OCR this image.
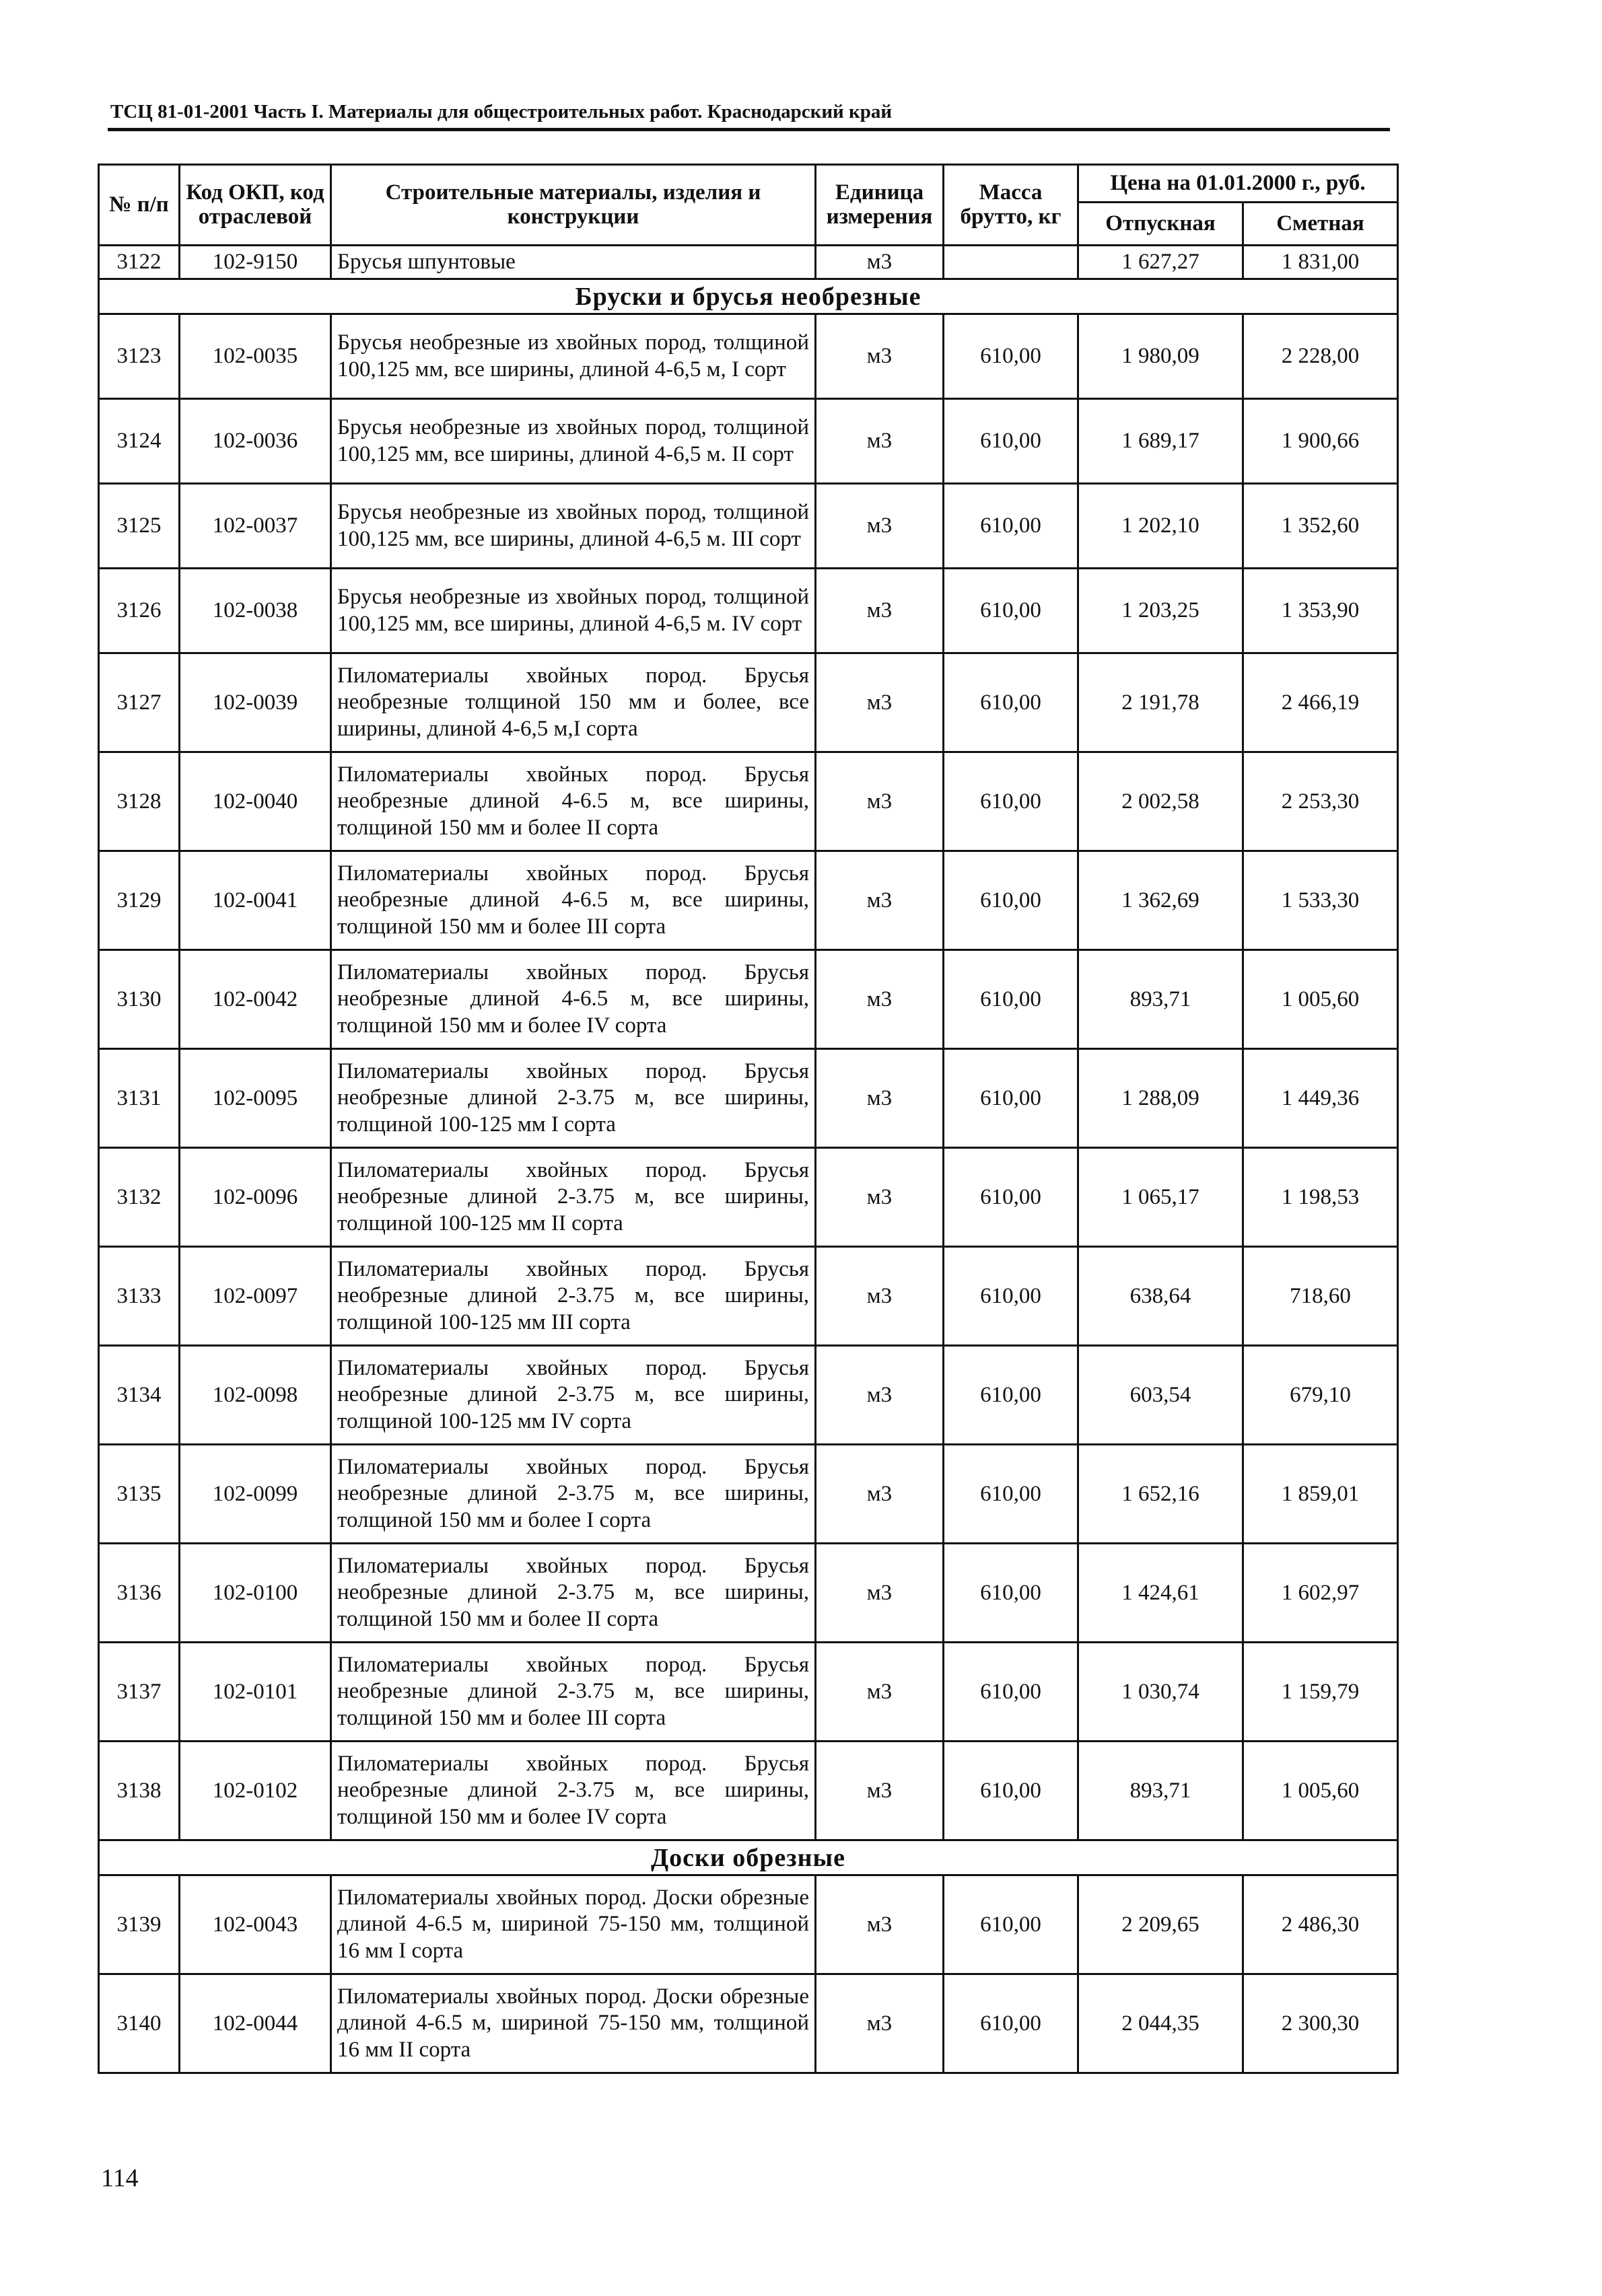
ТСЦ 81-01-2001 Часть I. Материалы для общестроительных работ. Краснодарский край
№ п/п	Код ОКП, код отраслевой	Строительные материалы, изделия и конструкции	Единица измерения	Масса брутто, кг	Цена на 01.01.2000 г., руб.	
					Отпускная	Сметная
3122	102-9150	Брусья шпунтовые	м3		1 627,27	1 831,00
Бруски и брусья необрезные						
3123	102-0035	Брусья необрезные из хвойных пород, толщиной 100,125 мм, все ширины, длиной 4-6,5 м, I сорт	м3	610,00	1 980,09	2 228,00
3124	102-0036	Брусья необрезные из хвойных пород, толщиной 100,125 мм, все ширины, длиной 4-6,5 м. II сорт	м3	610,00	1 689,17	1 900,66
3125	102-0037	Брусья необрезные из хвойных пород, толщиной 100,125 мм, все ширины, длиной 4-6,5 м. III сорт	м3	610,00	1 202,10	1 352,60
3126	102-0038	Брусья необрезные из хвойных пород, толщиной 100,125 мм, все ширины, длиной 4-6,5 м. IV сорт	м3	610,00	1 203,25	1 353,90
3127	102-0039	Пиломатериалы хвойных пород. Брусья необрезные толщиной 150 мм и более, все ширины, длиной 4-6,5 м,I сорта	м3	610,00	2 191,78	2 466,19
3128	102-0040	Пиломатериалы хвойных пород. Брусья необрезные длиной 4-6.5 м, все ширины, толщиной 150 мм и более II сорта	м3	610,00	2 002,58	2 253,30
3129	102-0041	Пиломатериалы хвойных пород. Брусья необрезные длиной 4-6.5 м, все ширины, толщиной 150 мм и более III сорта	м3	610,00	1 362,69	1 533,30
3130	102-0042	Пиломатериалы хвойных пород. Брусья необрезные длиной 4-6.5 м, все ширины, толщиной 150 мм и более IV сорта	м3	610,00	893,71	1 005,60
3131	102-0095	Пиломатериалы хвойных пород. Брусья необрезные длиной 2-3.75 м, все ширины, толщиной 100-125 мм I сорта	м3	610,00	1 288,09	1 449,36
3132	102-0096	Пиломатериалы хвойных пород. Брусья необрезные длиной 2-3.75 м, все ширины, толщиной 100-125 мм II сорта	м3	610,00	1 065,17	1 198,53
3133	102-0097	Пиломатериалы хвойных пород. Брусья необрезные длиной 2-3.75 м, все ширины, толщиной 100-125 мм III сорта	м3	610,00	638,64	718,60
3134	102-0098	Пиломатериалы хвойных пород. Брусья необрезные длиной 2-3.75 м, все ширины, толщиной 100-125 мм IV сорта	м3	610,00	603,54	679,10
3135	102-0099	Пиломатериалы хвойных пород. Брусья необрезные длиной 2-3.75 м, все ширины, толщиной 150 мм и более I сорта	м3	610,00	1 652,16	1 859,01
3136	102-0100	Пиломатериалы хвойных пород. Брусья необрезные длиной 2-3.75 м, все ширины, толщиной 150 мм и более II сорта	м3	610,00	1 424,61	1 602,97
3137	102-0101	Пиломатериалы хвойных пород. Брусья необрезные длиной 2-3.75 м, все ширины, толщиной 150 мм и более III сорта	м3	610,00	1 030,74	1 159,79
3138	102-0102	Пиломатериалы хвойных пород. Брусья необрезные длиной 2-3.75 м, все ширины, толщиной 150 мм и более IV сорта	м3	610,00	893,71	1 005,60
Доски обрезные						
3139	102-0043	Пиломатериалы хвойных пород. Доски обрезные длиной 4-6.5 м, шириной 75-150 мм, толщиной 16 мм I сорта	м3	610,00	2 209,65	2 486,30
3140	102-0044	Пиломатериалы хвойных пород. Доски обрезные длиной 4-6.5 м, шириной 75-150 мм, толщиной 16 мм II сорта	м3	610,00	2 044,35	2 300,30
114
